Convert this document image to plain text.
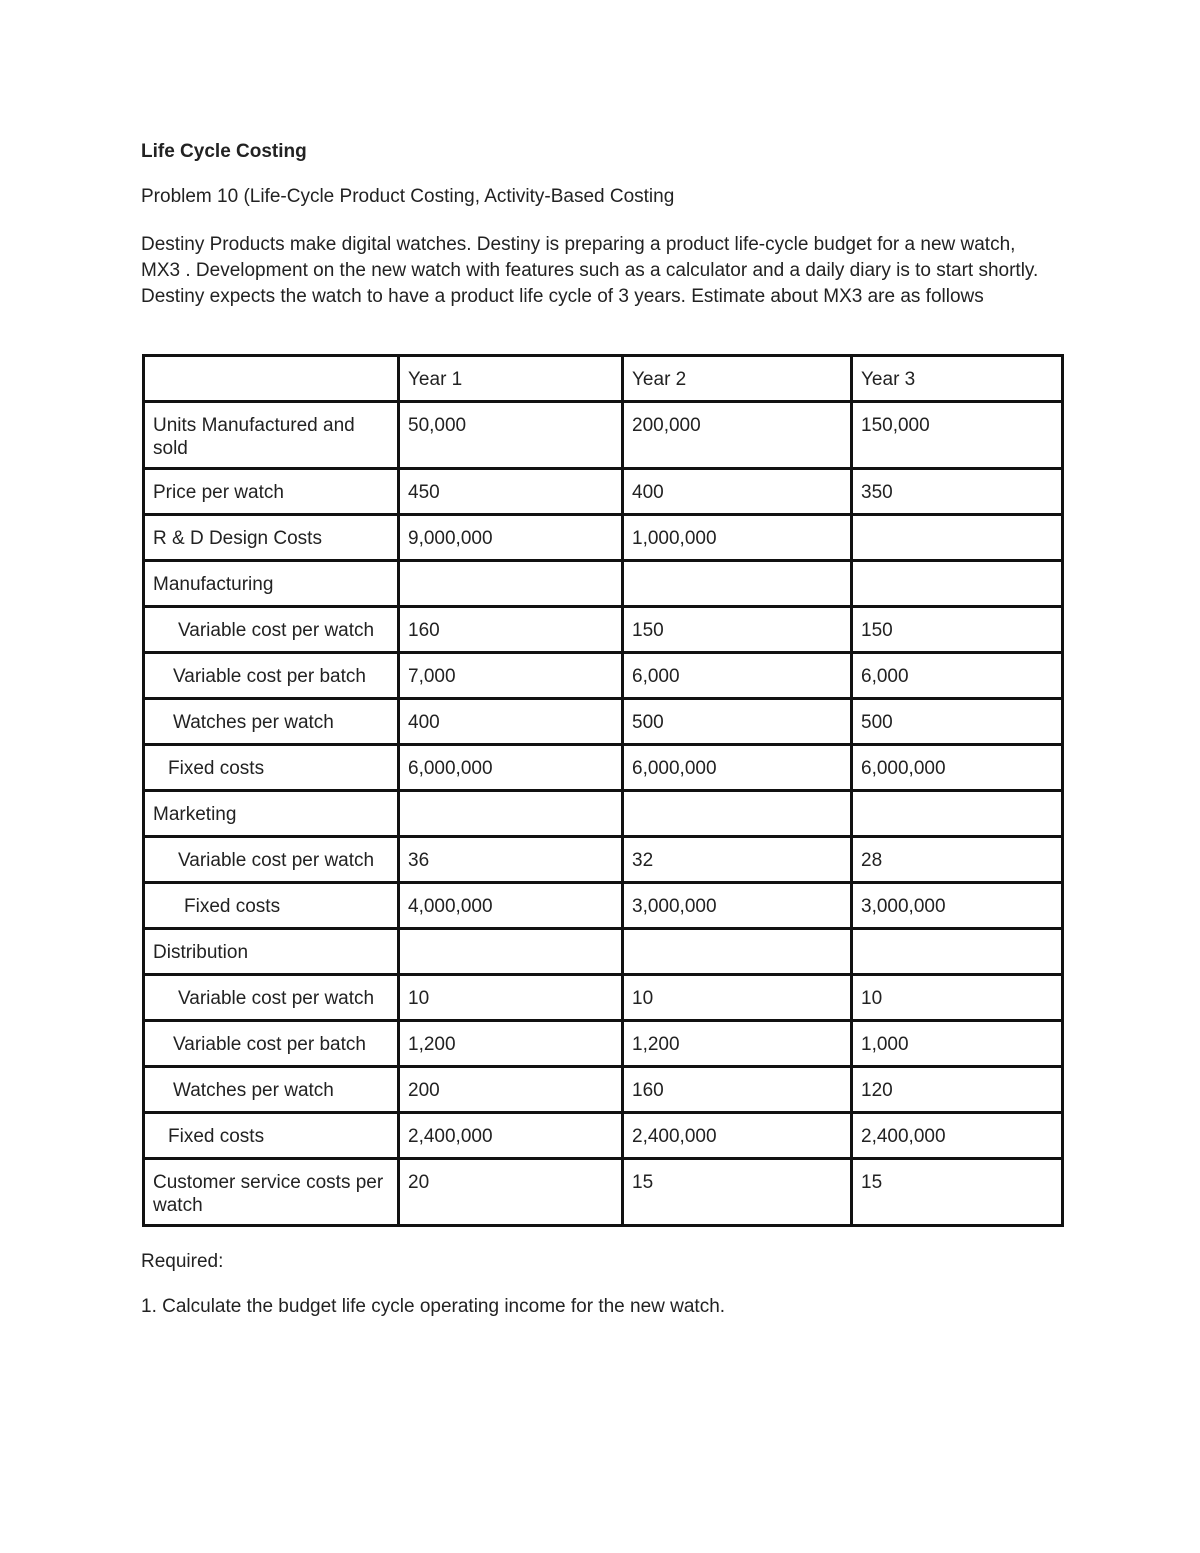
Life Cycle Costing
Problem 10 (Life-Cycle Product Costing, Activity-Based Costing
Destiny Products make digital watches. Destiny is preparing a product life-cycle budget for a new watch, MX3 . Development on the new watch with features such as a calculator and a daily diary is to start shortly. Destiny expects the watch to have a product life cycle of 3 years. Estimate about MX3 are as follows
	Year 1	Year 2	Year 3
Units Manufactured and sold	50,000	200,000	150,000
Price per watch	450	400	350
R & D Design Costs	9,000,000	1,000,000	
Manufacturing			
Variable cost per watch	160	150	150
Variable cost per batch	7,000	6,000	6,000
Watches per watch	400	500	500
Fixed costs	6,000,000	6,000,000	6,000,000
Marketing			
Variable cost per watch	36	32	28
Fixed costs	4,000,000	3,000,000	3,000,000
Distribution			
Variable cost per watch	10	10	10
Variable cost per batch	1,200	1,200	1,000
Watches per watch	200	160	120
Fixed costs	2,400,000	2,400,000	2,400,000
Customer service costs per watch	20	15	15
Required:
1. Calculate the budget life cycle operating income for the new watch.
